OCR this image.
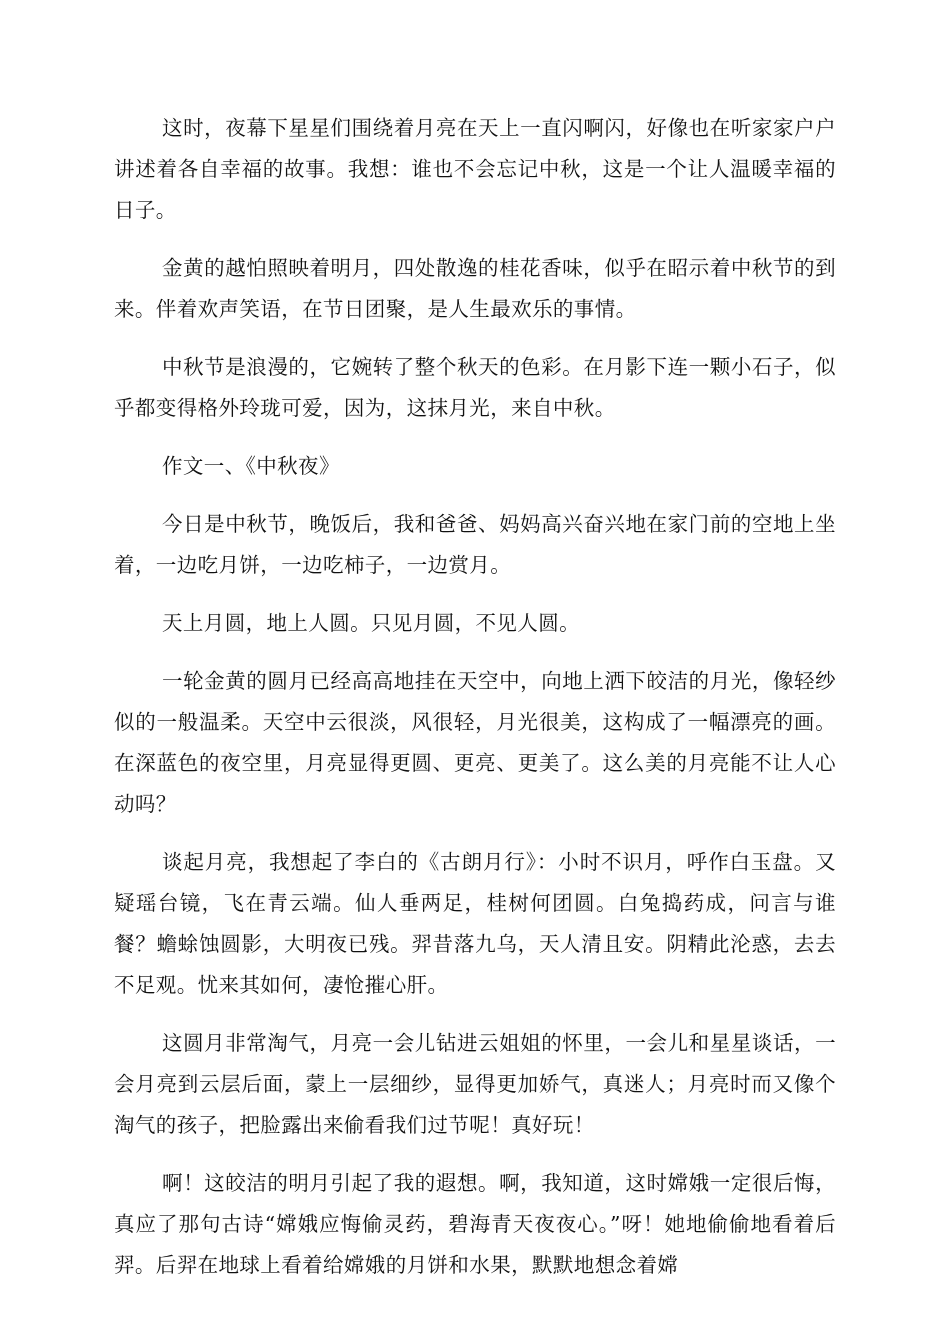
这时，夜幕下星星们围绕着月亮在天上一直闪啊闪，好像也在听家家户户讲述着各自幸福的故事。我想：谁也不会忘记中秋，这是一个让人温暖幸福的日子。

金黄的越怕照映着明月，四处散逸的桂花香味，似乎在昭示着中秋节的到来。伴着欢声笑语，在节日团聚，是人生最欢乐的事情。

中秋节是浪漫的，它婉转了整个秋天的色彩。在月影下连一颗小石子，似乎都变得格外玲珑可爱，因为，这抹月光，来自中秋。

作文一、《中秋夜》

今日是中秋节，晚饭后，我和爸爸、妈妈高兴奋兴地在家门前的空地上坐着，一边吃月饼，一边吃柿子，一边赏月。

天上月圆，地上人圆。只见月圆，不见人圆。

一轮金黄的圆月已经高高地挂在天空中，向地上洒下皎洁的月光，像轻纱似的一般温柔。天空中云很淡，风很轻，月光很美，这构成了一幅漂亮的画。在深蓝色的夜空里，月亮显得更圆、更亮、更美了。这么美的月亮能不让人心动吗？

谈起月亮，我想起了李白的《古朗月行》：小时不识月，呼作白玉盘。又疑瑶台镜，飞在青云端。仙人垂两足，桂树何团圆。白兔捣药成，问言与谁餐？蟾蜍蚀圆影，大明夜已残。羿昔落九乌，天人清且安。阴精此沦惑，去去不足观。忧来其如何，凄怆摧心肝。

这圆月非常淘气，月亮一会儿钻进云姐姐的怀里，一会儿和星星谈话，一会月亮到云层后面，蒙上一层细纱，显得更加娇气，真迷人；月亮时而又像个淘气的孩子，把脸露出来偷看我们过节呢！真好玩！

啊！这皎洁的明月引起了我的遐想。啊，我知道，这时嫦娥一定很后悔，真应了那句古诗“嫦娥应悔偷灵药，碧海青天夜夜心。”呀！她地偷偷地看着后羿。后羿在地球上看着给嫦娥的月饼和水果，默默地想念着嫦
